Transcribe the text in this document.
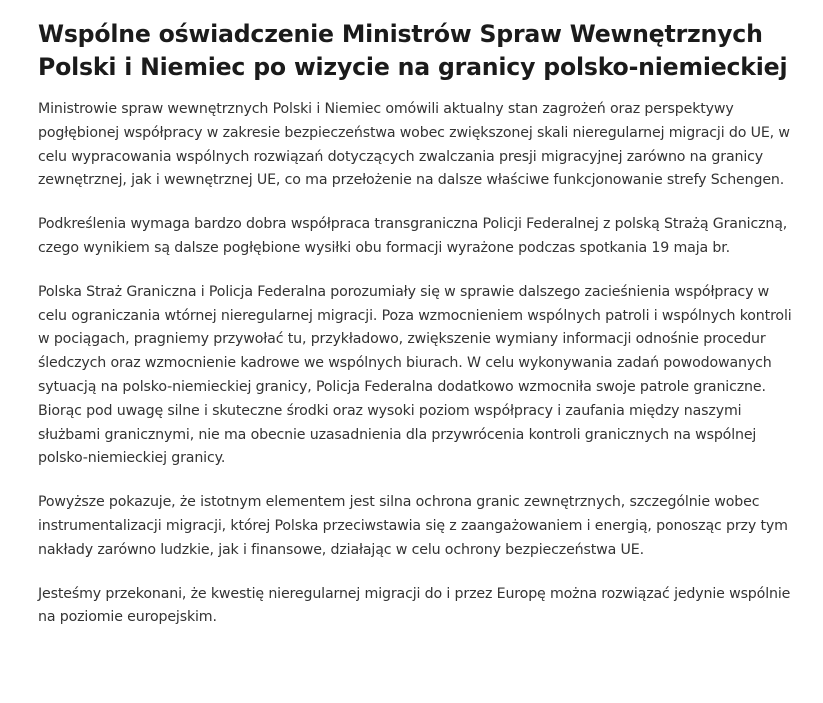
Wspólne oświadczenie Ministrów Spraw Wewnętrznych Polski i Niemiec po wizycie na granicy polsko-niemieckiej

Ministrowie spraw wewnętrznych Polski i Niemiec omówili aktualny stan zagrożeń oraz perspektywy pogłębionej współpracy w zakresie bezpieczeństwa wobec zwiększonej skali nieregularnej migracji do UE, w celu wypracowania wspólnych rozwiązań dotyczących zwalczania presji migracyjnej zarówno na granicy zewnętrznej, jak i wewnętrznej UE, co ma przełożenie na dalsze właściwe funkcjonowanie strefy Schengen.

Podkreślenia wymaga bardzo dobra współpraca transgraniczna Policji Federalnej z polską Strażą Graniczną, czego wynikiem są dalsze pogłębione wysiłki obu formacji wyrażone podczas spotkania 19 maja br.

Polska Straż Graniczna i Policja Federalna porozumiały się w sprawie dalszego zacieśnienia współpracy w celu ograniczania wtórnej nieregularnej migracji. Poza wzmocnieniem wspólnych patroli i wspólnych kontroli w pociągach, pragniemy przywołać tu, przykładowo, zwiększenie wymiany informacji odnośnie procedur śledczych oraz wzmocnienie kadrowe we wspólnych biurach. W celu wykonywania zadań powodowanych sytuacją na polsko-niemieckiej granicy, Policja Federalna dodatkowo wzmocniła swoje patrole graniczne. Biorąc pod uwagę silne i skuteczne środki oraz wysoki poziom współpracy i zaufania między naszymi służbami granicznymi, nie ma obecnie uzasadnienia dla przywrócenia kontroli granicznych na wspólnej polsko-niemieckiej granicy.

Powyższe pokazuje, że istotnym elementem jest silna ochrona granic zewnętrznych, szczególnie wobec instrumentalizacji migracji, której Polska przeciwstawia się z zaangażowaniem i energią, ponosząc przy tym nakłady zarówno ludzkie, jak i finansowe, działając w celu ochrony bezpieczeństwa UE.

Jesteśmy przekonani, że kwestię nieregularnej migracji do i przez Europę można rozwiązać jedynie wspólnie na poziomie europejskim.
